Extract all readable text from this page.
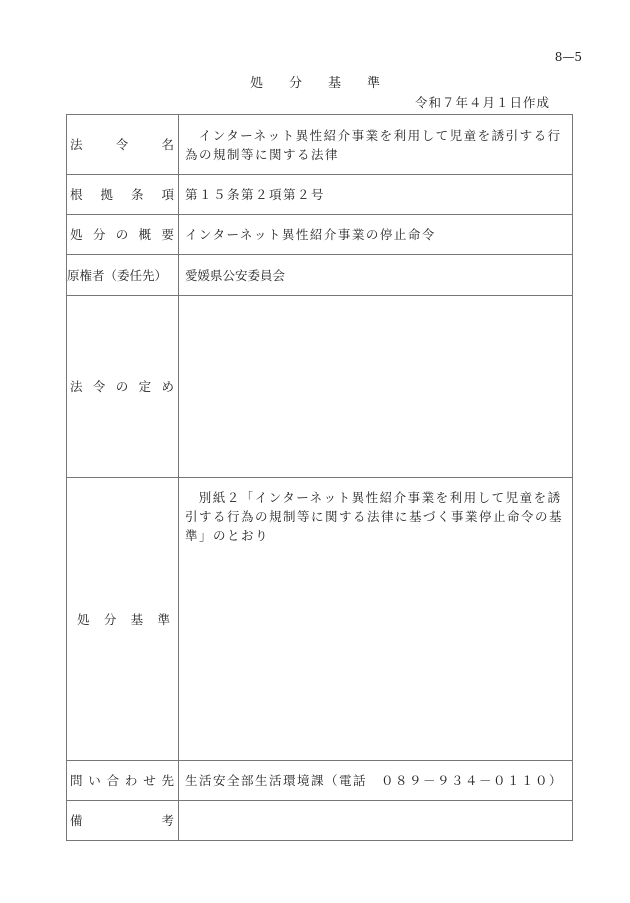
8—5
処分基準
令和７年４月１日作成
法令名	インターネット異性紹介事業を利用して児童を誘引する行為の規制等に関する法律
根拠条項	第１５条第２項第２号
処分の概要	インターネット異性紹介事業の停止命令
原権者（委任先）	愛媛県公安委員会
法令の定め	
処分基準	別紙２「インターネット異性紹介事業を利用して児童を誘引する行為の規制等に関する法律に基づく事業停止命令の基準」のとおり
問い合わせ先	生活安全部生活環境課（電話　０８９－９３４－０１１０）
備考	
